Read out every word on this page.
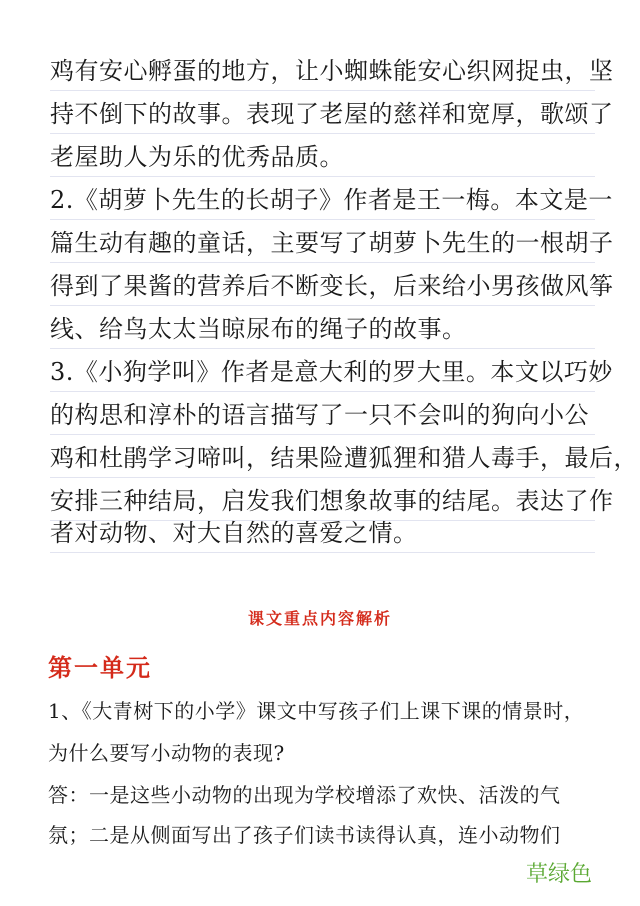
鸡有安心孵蛋的地方，让小蜘蛛能安心织网捉虫，坚
持不倒下的故事。表现了老屋的慈祥和宽厚，歌颂了
老屋助人为乐的优秀品质。
2.《胡萝卜先生的长胡子》作者是王一梅。本文是一
篇生动有趣的童话，主要写了胡萝卜先生的一根胡子
得到了果酱的营养后不断变长，后来给小男孩做风筝
线、给鸟太太当晾尿布的绳子的故事。
3.《小狗学叫》作者是意大利的罗大里。本文以巧妙
的构思和淳朴的语言描写了一只不会叫的狗向小公
鸡和杜鹃学习啼叫，结果险遭狐狸和猎人毒手，最后，
安排三种结局，启发我们想象故事的结尾。表达了作
者对动物、对大自然的喜爱之情。
课文重点内容解析
第一单元
1、《大青树下的小学》课文中写孩子们上课下课的情景时，
为什么要写小动物的表现?
答：一是这些小动物的出现为学校增添了欢快、活泼的气
氛；二是从侧面写出了孩子们读书读得认真，连小动物们
草绿色
